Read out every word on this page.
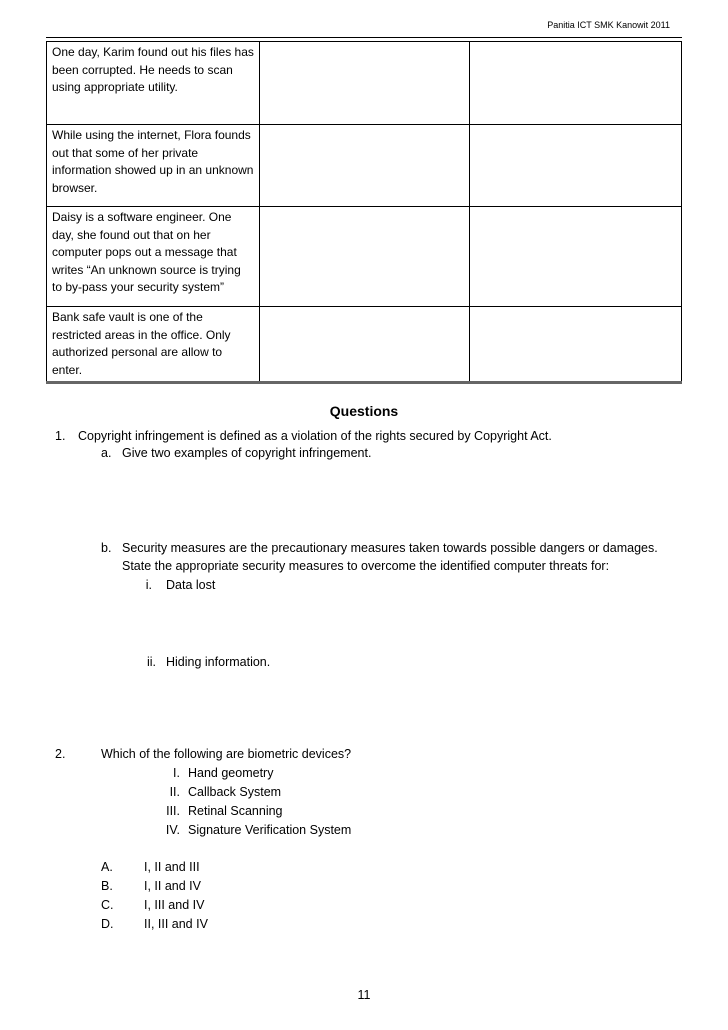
Panitia ICT SMK Kanowit 2011
One day, Karim found out his files has been corrupted. He needs to scan using appropriate utility.		
While using the internet, Flora founds out that some of her private information showed up in an unknown browser.		
Daisy is a software engineer. One day, she found out that on her computer pops out a message that writes “An unknown source is trying to by-pass your security system”		
Bank safe vault is one of the restricted areas in the office. Only authorized personal are allow to enter.		
Questions
1. Copyright infringement is defined as a violation of the rights secured by Copyright Act.
a. Give two examples of copyright infringement.
b. Security measures are the precautionary measures taken towards possible dangers or damages.
State the appropriate security measures to overcome the identified computer threats for:
i. Data lost
ii. Hiding information.
2.	Which of the following are biometric devices?
I. Hand geometry
II. Callback System
III. Retinal Scanning
IV. Signature Verification System
A. I, II and III
B. I, II and IV
C. I, III and IV
D. II, III and IV
11
